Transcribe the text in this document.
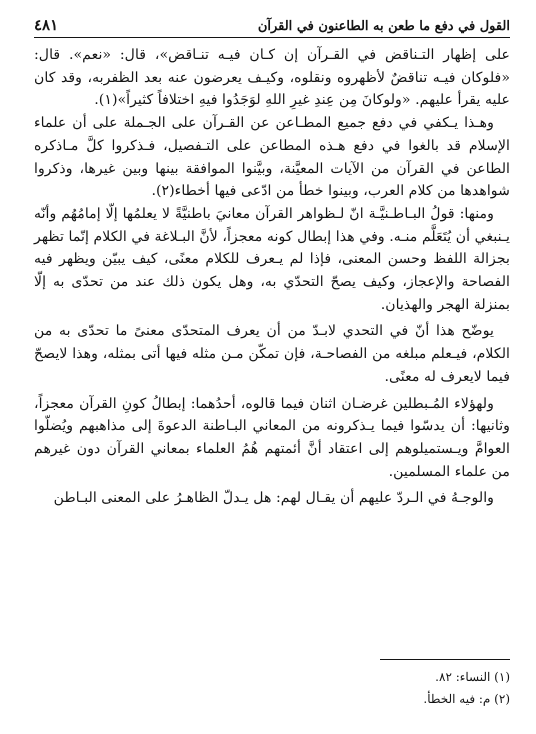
القول في دفع ما طعن به الطاعنون في القرآن
٤٨١

على إظهار التـناقض في القـرآن إن كـان فيـه تنـاقض»، قال: «نعم». قال: «فلوكان فيـه تناقضٌ لأظهروه ونقلوه، وكيـف يعرضون عنه بعد الظفربه، وقد كان عليه يقرأ عليهم. «ولوكانَ مِن عِندِ غيرِ اللهِ لوَجَدُوا فيهِ اختلافاً كثيراً»(١).

وهـذا يـكفي في دفع جميع المطـاعن عن القـرآن على الجـملة على أن علماء الإسلام قد بالغوا في دفع هـذه المطاعن على التـفصيل، فـذكروا كلَّ مـاذكره الطاعن في القرآن من الآيات المعيَّنة، وبيَّنوا الموافقة بينها وبين غيرها، وذكروا شواهدها من كلام العرب، وبينوا خطأ من ادّعى فيها أخطاء(٢).

ومنها: قولُ البـاطـنيَّـة انّ لـظواهر القرآن معانيَ باطنيَّةً لا يعلمُها إلّا إمامُهُم وأنّه يـنبغي أن يُتَعَلَّم منـه. وفي هذا إبطال كونه معجزاً، لأنَّ البـلاغة في الكلام إنّما تظهر بجزالة اللفظ وحسن المعنى، فإذا لم يـعرف للكلام معنًى، كيف يبيّن ويظهر فيه الفصاحة والإعجاز، وكيف يصحّ التحدّي به، وهل يكون ذلك عند من تحدّى به إلّا بمنزلة الهجر والهذيان.

يوضّح هذا أنّ في التحدي لابـدّ من أن يعرف المتحدّى معنىً ما تحدّى به من الكلام، فيـعلم مبلغه من الفصاحـة، فإن تمكّن مـن مثله فيها أتى بمثله، وهذا لايصحّ فيما لايعرف له معنًى.

ولهؤلاء المُـبطلين غرضـان اثنان فيما قالوه، أحدُهما: إبطالُ كونِ القرآن معجزاً، وثانيها: أن يدسّوا فيما يـذكرونه من المعاني البـاطنة الدعوةَ إلى مذاهبهم ويُضلّوا العوامَّ ويـستميلوهم إلى اعتقاد أنَّ أئمتهم هُمُ العلماء بمعاني القرآن دون غيرهم من علماء المسلمين.

والوجـهُ في الـردّ عليهم أن يقـال لهم: هل يـدلّ الظاهـرُ على المعنى البـاطن

(١) النساء: ٨٢.

(٢) م: فيه الخطأ.
